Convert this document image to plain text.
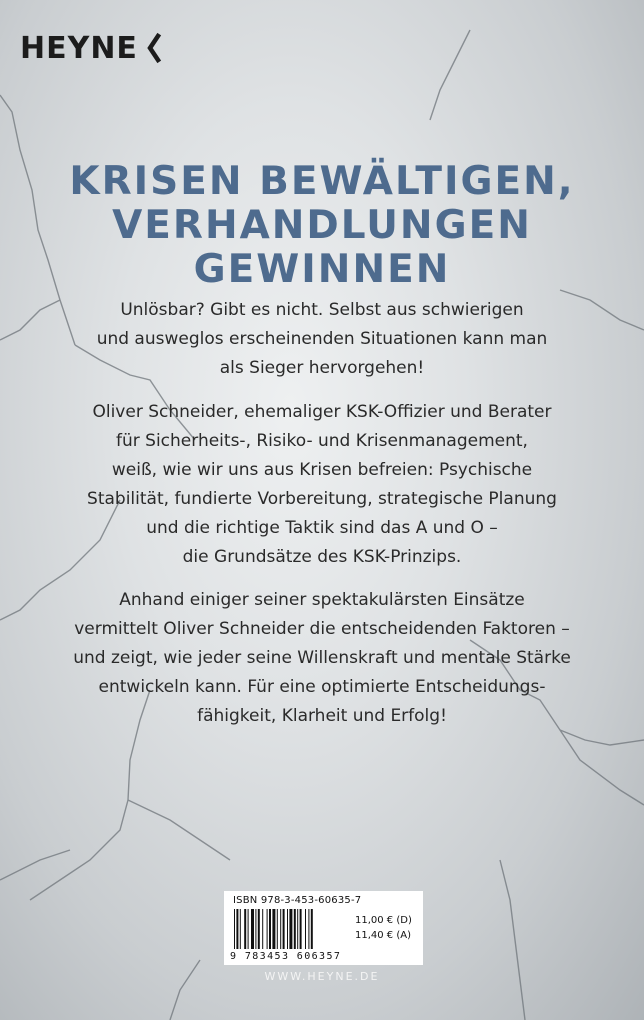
HEYNE
KRISEN BEWÄLTIGEN,
VERHANDLUNGEN
GEWINNEN
Unlösbar? Gibt es nicht. Selbst aus schwierigen
und ausweglos erscheinenden Situationen kann man
als Sieger hervorgehen!
Oliver Schneider, ehemaliger KSK-Offizier und Berater
für Sicherheits-, Risiko- und Krisenmanagement,
weiß, wie wir uns aus Krisen befreien: Psychische
Stabilität, fundierte Vorbereitung, strategische Planung
und die richtige Taktik sind das A und O –
die Grundsätze des KSK-Prinzips.
Anhand einiger seiner spektakulärsten Einsätze
vermittelt Oliver Schneider die entscheidenden Faktoren –
und zeigt, wie jeder seine Willenskraft und mentale Stärke
entwickeln kann. Für eine optimierte Entscheidungs-
fähigkeit, Klarheit und Erfolg!
ISBN 978-3-453-60635-7
9 783453 606357
11,00 € (D)
11,40 € (A)
WWW.HEYNE.DE
